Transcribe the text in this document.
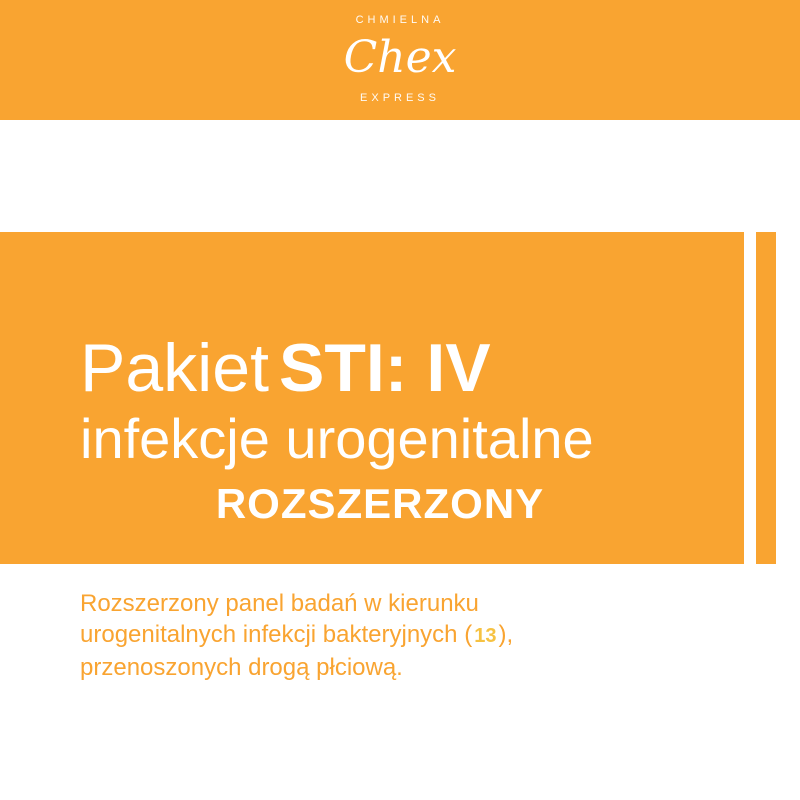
CHMIELNA
Chex
EXPRESS
Pakiet STI: IV
infekcje urogenitalne
ROZSZERZONY
Rozszerzony panel badań w kierunku
urogenitalnych infekcji bakteryjnych ( 13),
przenoszonych drogą płciową.
